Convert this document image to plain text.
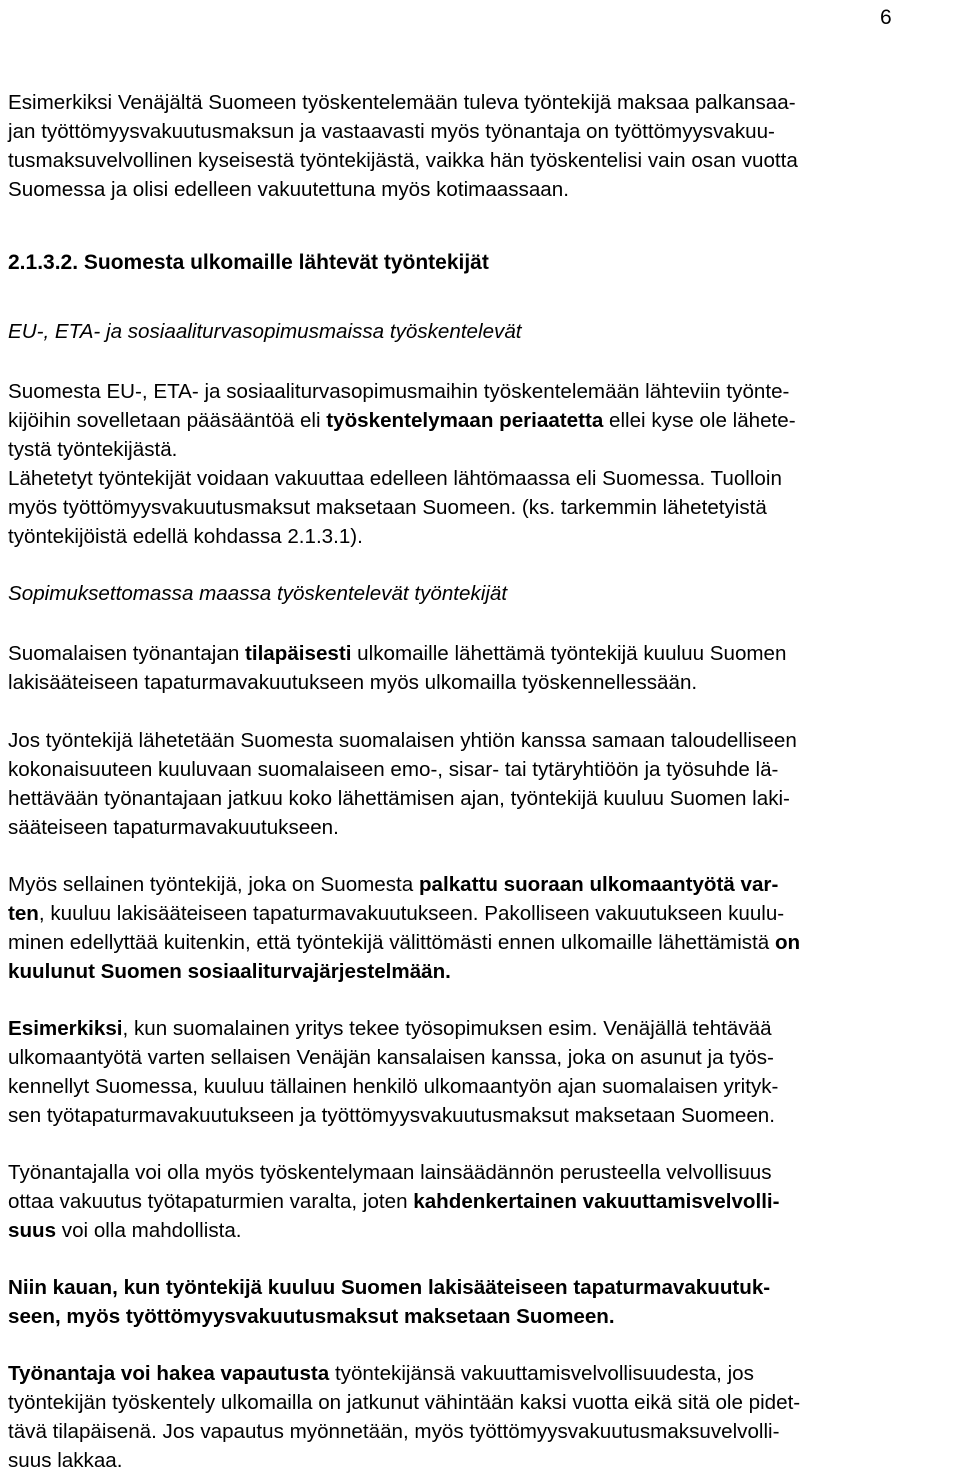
6

Esimerkiksi Venäjältä Suomeen työskentelemään tuleva työntekijä maksaa palkansaa-
jan työttömyysvakuutusmaksun ja vastaavasti myös työnantaja on työttömyysvakuu-
tusmaksuvelvollinen kyseisestä työntekijästä, vaikka hän työskentelisi vain osan vuotta
Suomessa ja olisi edelleen vakuutettuna myös kotimaassaan.

2.1.3.2. Suomesta ulkomaille lähtevät työntekijät

EU-, ETA- ja sosiaaliturvasopimusmaissa työskentelevät

Suomesta EU-, ETA- ja sosiaaliturvasopimusmaihin työskentelemään lähteviin työnte-
kijöihin sovelletaan pääsääntöä eli työskentelymaan periaatetta ellei kyse ole lähete-
tystä työntekijästä.
Lähetetyt työntekijät voidaan vakuuttaa edelleen lähtömaassa eli Suomessa. Tuolloin
myös työttömyysvakuutusmaksut maksetaan Suomeen. (ks. tarkemmin lähetetyistä
työntekijöistä edellä kohdassa 2.1.3.1).

Sopimuksettomassa maassa työskentelevät työntekijät

Suomalaisen työnantajan tilapäisesti ulkomaille lähettämä työntekijä kuuluu Suomen
lakisääteiseen tapaturmavakuutukseen myös ulkomailla työskennellessään.

Jos työntekijä lähetetään Suomesta suomalaisen yhtiön kanssa samaan taloudelliseen
kokonaisuuteen kuuluvaan suomalaiseen emo-, sisar- tai tytäryhtiöön ja työsuhde lä-
hettävään työnantajaan jatkuu koko lähettämisen ajan, työntekijä kuuluu Suomen laki-
sääteiseen tapaturmavakuutukseen.

Myös sellainen työntekijä, joka on Suomesta palkattu suoraan ulkomaantyötä var-
ten, kuuluu lakisääteiseen tapaturmavakuutukseen. Pakolliseen vakuutukseen kuulu-
minen edellyttää kuitenkin, että työntekijä välittömästi ennen ulkomaille lähettämistä on
kuulunut Suomen sosiaaliturvajärjestelmään.

Esimerkiksi, kun suomalainen yritys tekee työsopimuksen esim. Venäjällä tehtävää
ulkomaantyötä varten sellaisen Venäjän kansalaisen kanssa, joka on asunut ja työs-
kennellyt Suomessa, kuuluu tällainen henkilö ulkomaantyön ajan suomalaisen yrityk-
sen työtapaturmavakuutukseen ja työttömyysvakuutusmaksut maksetaan Suomeen.

Työnantajalla voi olla myös työskentelymaan lainsäädännön perusteella velvollisuus
ottaa vakuutus työtapaturmien varalta, joten kahdenkertainen vakuuttamisvelvolli-
suus voi olla mahdollista.

Niin kauan, kun työntekijä kuuluu Suomen lakisääteiseen tapaturmavakuutuk-
seen, myös työttömyysvakuutusmaksut maksetaan Suomeen.

Työnantaja voi hakea vapautusta työntekijänsä vakuuttamisvelvollisuudesta, jos
työntekijän työskentely ulkomailla on jatkunut vähintään kaksi vuotta eikä sitä ole pidet-
tävä tilapäisenä. Jos vapautus myönnetään, myös työttömyysvakuutusmaksuvelvolli-
suus lakkaa.
